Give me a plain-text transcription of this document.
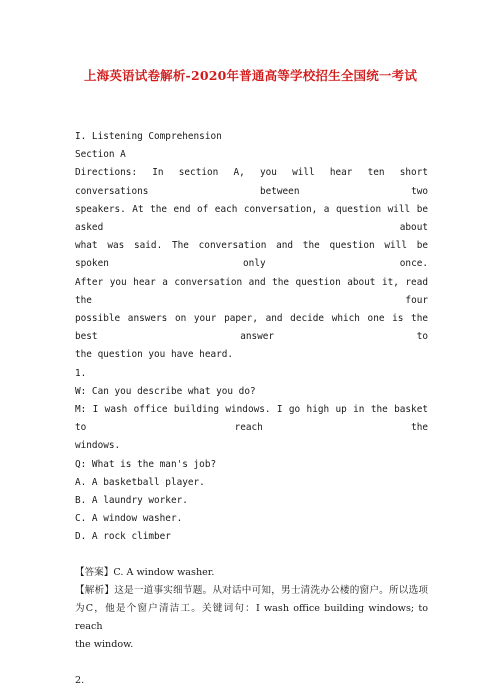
上海英语试卷解析-2020年普通高等学校招生全国统一考试
I. Listening Comprehension
Section A
Directions: In section A, you will hear ten short conversations between two
speakers. At the end of each conversation, a question will be asked about
what was said. The conversation and the question will be spoken only once.
After you hear a conversation and the question about it, read the four
possible answers on your paper, and decide which one is the best answer to
the question you have heard.
1.
W: Can you describe what you do?
M: I wash office building windows. I go high up in the basket to reach the
windows.
Q: What is the man's job?
A. A basketball player.
B. A laundry worker.
C. A window washer.
D. A rock climber
【答案】C. A window washer.
【解析】这是一道事实细节题。从对话中可知，男士清洗办公楼的窗户。所以选项
为C，他是个窗户清洁工。关键词句：I wash office building windows; to reach
the window.
2.
